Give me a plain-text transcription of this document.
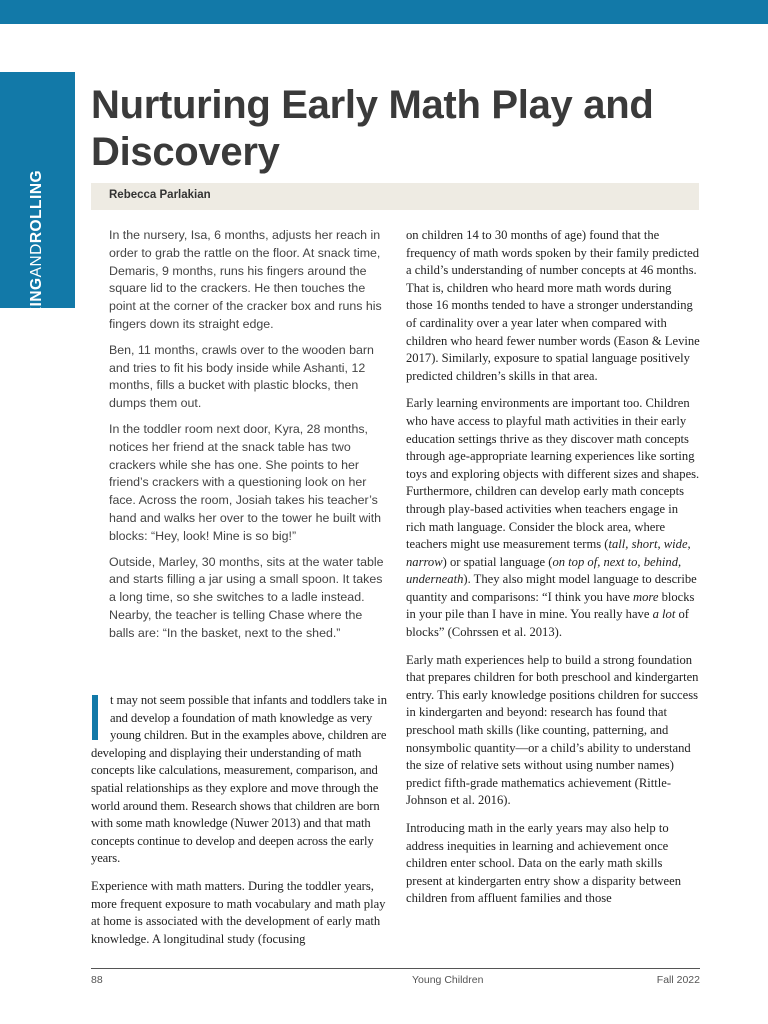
ROCKINGANDROLLING
Nurturing Early Math Play and Discovery
Rebecca Parlakian

In the nursery, Isa, 6 months, adjusts her reach in order to grab the rattle on the floor. At snack time, Demaris, 9 months, runs his fingers around the square lid to the crackers. He then touches the point at the corner of the cracker box and runs his fingers down its straight edge.

Ben, 11 months, crawls over to the wooden barn and tries to fit his body inside while Ashanti, 12 months, fills a bucket with plastic blocks, then dumps them out.

In the toddler room next door, Kyra, 28 months, notices her friend at the snack table has two crackers while she has one. She points to her friend’s crackers with a questioning look on her face. Across the room, Josiah takes his teacher’s hand and walks her over to the tower he built with blocks: “Hey, look! Mine is so big!”

Outside, Marley, 30 months, sits at the water table and starts filling a jar using a small spoon. It takes a long time, so she switches to a ladle instead. Nearby, the teacher is telling Chase where the balls are: “In the basket, next to the shed.”

t may not seem possible that infants and toddlers take in and develop a foundation of math knowledge as very young children. But in the examples above, children are developing and displaying their understanding of math concepts like calculations, measurement, comparison, and spatial relationships as they explore and move through the world around them. Research shows that children are born with some math knowledge (Nuwer 2013) and that math concepts continue to develop and deepen across the early years.

Experience with math matters. During the toddler years, more frequent exposure to math vocabulary and math play at home is associated with the development of early math knowledge. A longitudinal study (focusing

on children 14 to 30 months of age) found that the frequency of math words spoken by their family predicted a child’s understanding of number concepts at 46 months. That is, children who heard more math words during those 16 months tended to have a stronger understanding of cardinality over a year later when compared with children who heard fewer number words (Eason & Levine 2017). Similarly, exposure to spatial language positively predicted children’s skills in that area.

Early learning environments are important too. Children who have access to playful math activities in their early education settings thrive as they discover math concepts through age-appropriate learning experiences like sorting toys and exploring objects with different sizes and shapes. Furthermore, children can develop early math concepts through play-based activities when teachers engage in rich math language. Consider the block area, where teachers might use measurement terms (tall, short, wide, narrow) or spatial language (on top of, next to, behind, underneath). They also might model language to describe quantity and comparisons: “I think you have more blocks in your pile than I have in mine. You really have a lot of blocks” (Cohrssen et al. 2013).

Early math experiences help to build a strong foundation that prepares children for both preschool and kindergarten entry. This early knowledge positions children for success in kindergarten and beyond: research has found that preschool math skills (like counting, patterning, and nonsymbolic quantity—or a child’s ability to understand the size of relative sets without using number names) predict fifth-grade mathematics achievement (Rittle-Johnson et al. 2016).

Introducing math in the early years may also help to address inequities in learning and achievement once children enter school. Data on the early math skills present at kindergarten entry show a disparity between children from affluent families and those

88	Young Children	Fall 2022
